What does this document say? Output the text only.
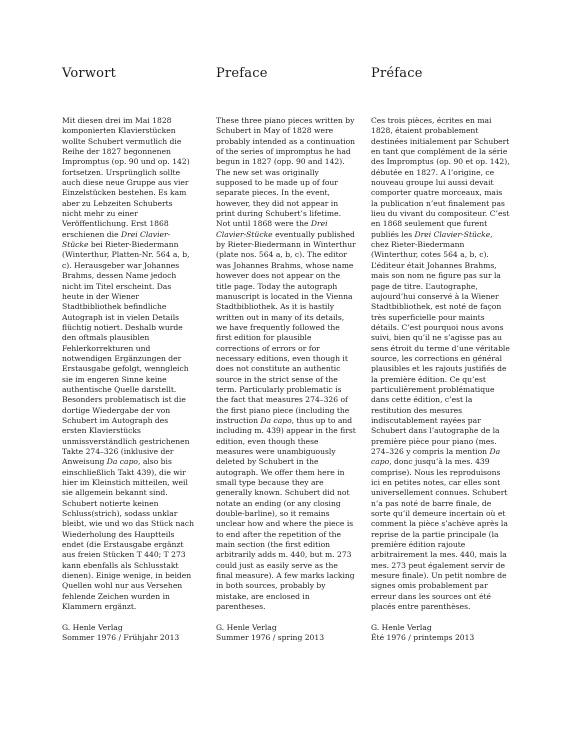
Vorwort

Mit diesen drei im Mai 1828 komponierten Klavierstücken wollte Schubert vermutlich die Reihe der 1827 begonnenen Impromptus (op. 90 und op. 142) fortsetzen. Ursprünglich sollte auch diese neue Gruppe aus vier Einzelstücken bestehen. Es kam aber zu Lebzeiten Schuberts nicht mehr zu einer Veröffentlichung. Erst 1868 erschienen die Drei Clavier-Stücke bei Rieter-Biedermann (Winterthur, Platten-Nr. 564 a, b, c). Herausgeber war Johannes Brahms, dessen Name jedoch nicht im Titel erscheint. Das heute in der Wiener Stadtbibliothek befindliche Autograph ist in vielen Details flüchtig notiert. Deshalb wurde den oftmals plausiblen Fehlerkorrekturen und notwendigen Ergänzungen der Erstausgabe gefolgt, wenngleich sie im engeren Sinne keine authentische Quelle darstellt. Besonders problematisch ist die dortige Wiedergabe der von Schubert im Autograph des ersten Klavierstücks unmissverständlich gestrichenen Takte 274–326 (inklusive der Anweisung Da capo, also bis einschließlich Takt 439), die wir hier im Kleinstich mitteilen, weil sie allgemein bekannt sind. Schubert notierte keinen Schluss(strich), sodass unklar bleibt, wie und wo das Stück nach Wiederholung des Hauptteils endet (die Erstausgabe ergänzt aus freien Stücken T 440; T 273 kann ebenfalls als Schlusstakt dienen). Einige wenige, in beiden Quellen wohl nur aus Versehen fehlende Zeichen wurden in Klammern ergänzt.
G. Henle Verlag
Sommer 1976 / Frühjahr 2013

Preface

These three piano pieces written by Schubert in May of 1828 were probably intended as a continuation of the series of impromptus he had begun in 1827 (opp. 90 and 142). The new set was originally supposed to be made up of four separate pieces. In the event, however, they did not appear in print during Schubert’s lifetime. Not until 1868 were the Drei Clavier-Stücke eventually published by Rieter-Biedermann in Winterthur (plate nos. 564 a, b, c). The editor was Johannes Brahms, whose name however does not appear on the title page. Today the autograph manuscript is located in the Vienna Stadtbibliothek. As it is hastily written out in many of its details, we have frequently followed the first edition for plausible corrections of errors or for necessary editions, even though it does not constitute an authentic source in the strict sense of the term. Particularly problematic is the fact that measures 274–326 of the first piano piece (including the instruction Da capo, thus up to and including m. 439) appear in the first edition, even though these measures were unambiguously deleted by Schubert in the autograph. We offer them here in small type because they are generally known. Schubert did not notate an ending (or any closing double-barline), so it remains unclear how and where the piece is to end after the repetition of the main section (the first edition arbitrarily adds m. 440, but m. 273 could just as easily serve as the final measure). A few marks lacking in both sources, probably by mistake, are enclosed in parentheses.
G. Henle Verlag
Summer 1976 / spring 2013

Préface

Ces trois pièces, écrites en mai 1828, étaient probablement destinées initialement par Schubert en tant que complément de la série des Impromptus (op. 90 et op. 142), débutée en 1827. A l’origine, ce nouveau groupe lui aussi devait comporter quatre morceaux, mais la publication n’eut finalement pas lieu du vivant du compositeur. C’est en 1868 seulement que furent publiés les Drei Clavier-Stücke, chez Rieter-Biedermann (Winterthur, cotes 564 a, b, c). L’éditeur était Johannes Brahms, mais son nom ne figure pas sur la page de titre. L’autographe, aujourd’hui conservé à la Wiener Stadtbibliothek, est noté de façon très superficielle pour maints détails. C’est pourquoi nous avons suivi, bien qu’il ne s’agisse pas au sens étroit du terme d’une véritable source, les corrections en général plausibles et les rajouts justifiés de la première édition. Ce qu’est particulièrement problématique dans cette édition, c’est la restitution des mesures indiscutablement rayées par Schubert dans l’autographe de la première pièce pour piano (mes. 274–326 y compris la mention Da capo, donc jusqu’à la mes. 439 comprise). Nous les reproduisons ici en petites notes, car elles sont universellement connues. Schubert n’a pas noté de barre finale, de sorte qu’il demeure incertain où et comment la pièce s’achève après la reprise de la partie principale (la première édition rajoute arbitrairement la mes. 440, mais la mes. 273 peut également servir de mesure finale). Un petit nombre de signes omis probablement par erreur dans les sources ont été placés entre parenthèses.
G. Henle Verlag
Été 1976 / printemps 2013
